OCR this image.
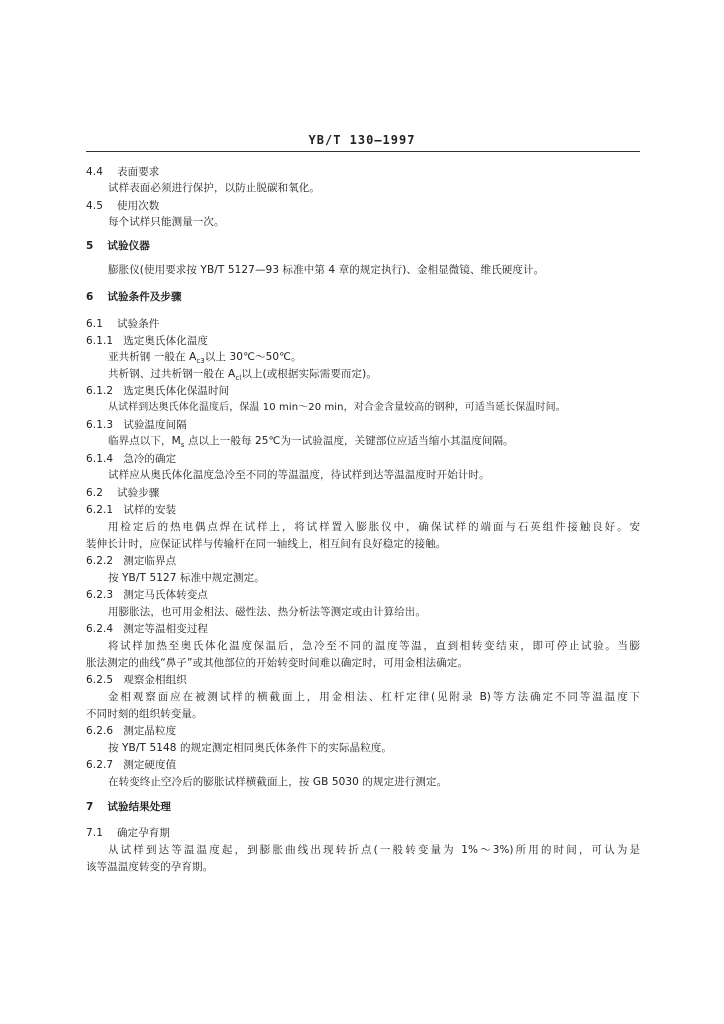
YB/T 130—1997
4.4 表面要求
试样表面必须进行保护，以防止脱碳和氧化。
4.5 使用次数
每个试样只能测量一次。
5 试验仪器
膨胀仪(使用要求按 YB/T 5127—93 标准中第 4 章的规定执行)、金相显微镜、维氏硬度计。
6 试验条件及步骤
6.1 试验条件
6.1.1 选定奥氏体化温度
亚共析钢 一般在 $A_{c3}$以上 30℃～50℃。
共析钢、过共析钢一般在 $A_{cl}$以上(或根据实际需要而定)。
6.1.2 选定奥氏体化保温时间
从试样到达奥氏体化温度后，保温 10 min～20 min，对合金含量较高的钢种，可适当延长保温时间。
6.1.3 试验温度间隔
临界点以下，$M_s$ 点以上一般每 25℃为一试验温度，关键部位应适当缩小其温度间隔。
6.1.4 急冷的确定
试样应从奥氏体化温度急冷至不同的等温温度，待试样到达等温温度时开始计时。
6.2 试验步骤
6.2.1 试样的安装
用检定后的热电偶点焊在试样上，将试样置入膨胀仪中，确保试样的端面与石英组件接触良好。安
装伸长计时，应保证试样与传输杆在同一轴线上，相互间有良好稳定的接触。
6.2.2 测定临界点
按 YB/T 5127 标准中规定测定。
6.2.3 测定马氏体转变点
用膨胀法，也可用金相法、磁性法、热分析法等测定或由计算给出。
6.2.4 测定等温相变过程
将试样加热至奥氏体化温度保温后，急冷至不同的温度等温，直到相转变结束，即可停止试验。当膨
胀法测定的曲线“鼻子”或其他部位的开始转变时间难以确定时，可用金相法确定。
6.2.5 观察金相组织
金相观察面应在被测试样的横截面上，用金相法、杠杆定律(见附录 B)等方法确定不同等温温度下
不同时刻的组织转变量。
6.2.6 测定晶粒度
按 YB/T 5148 的规定测定相同奥氏体条件下的实际晶粒度。
6.2.7 测定硬度值
在转变终止空冷后的膨胀试样横截面上，按 GB 5030 的规定进行测定。
7 试验结果处理
7.1 确定孕育期
从试样到达等温温度起，到膨胀曲线出现转折点(一般转变量为 1%～3%)所用的时间，可认为是
该等温温度转变的孕育期。
